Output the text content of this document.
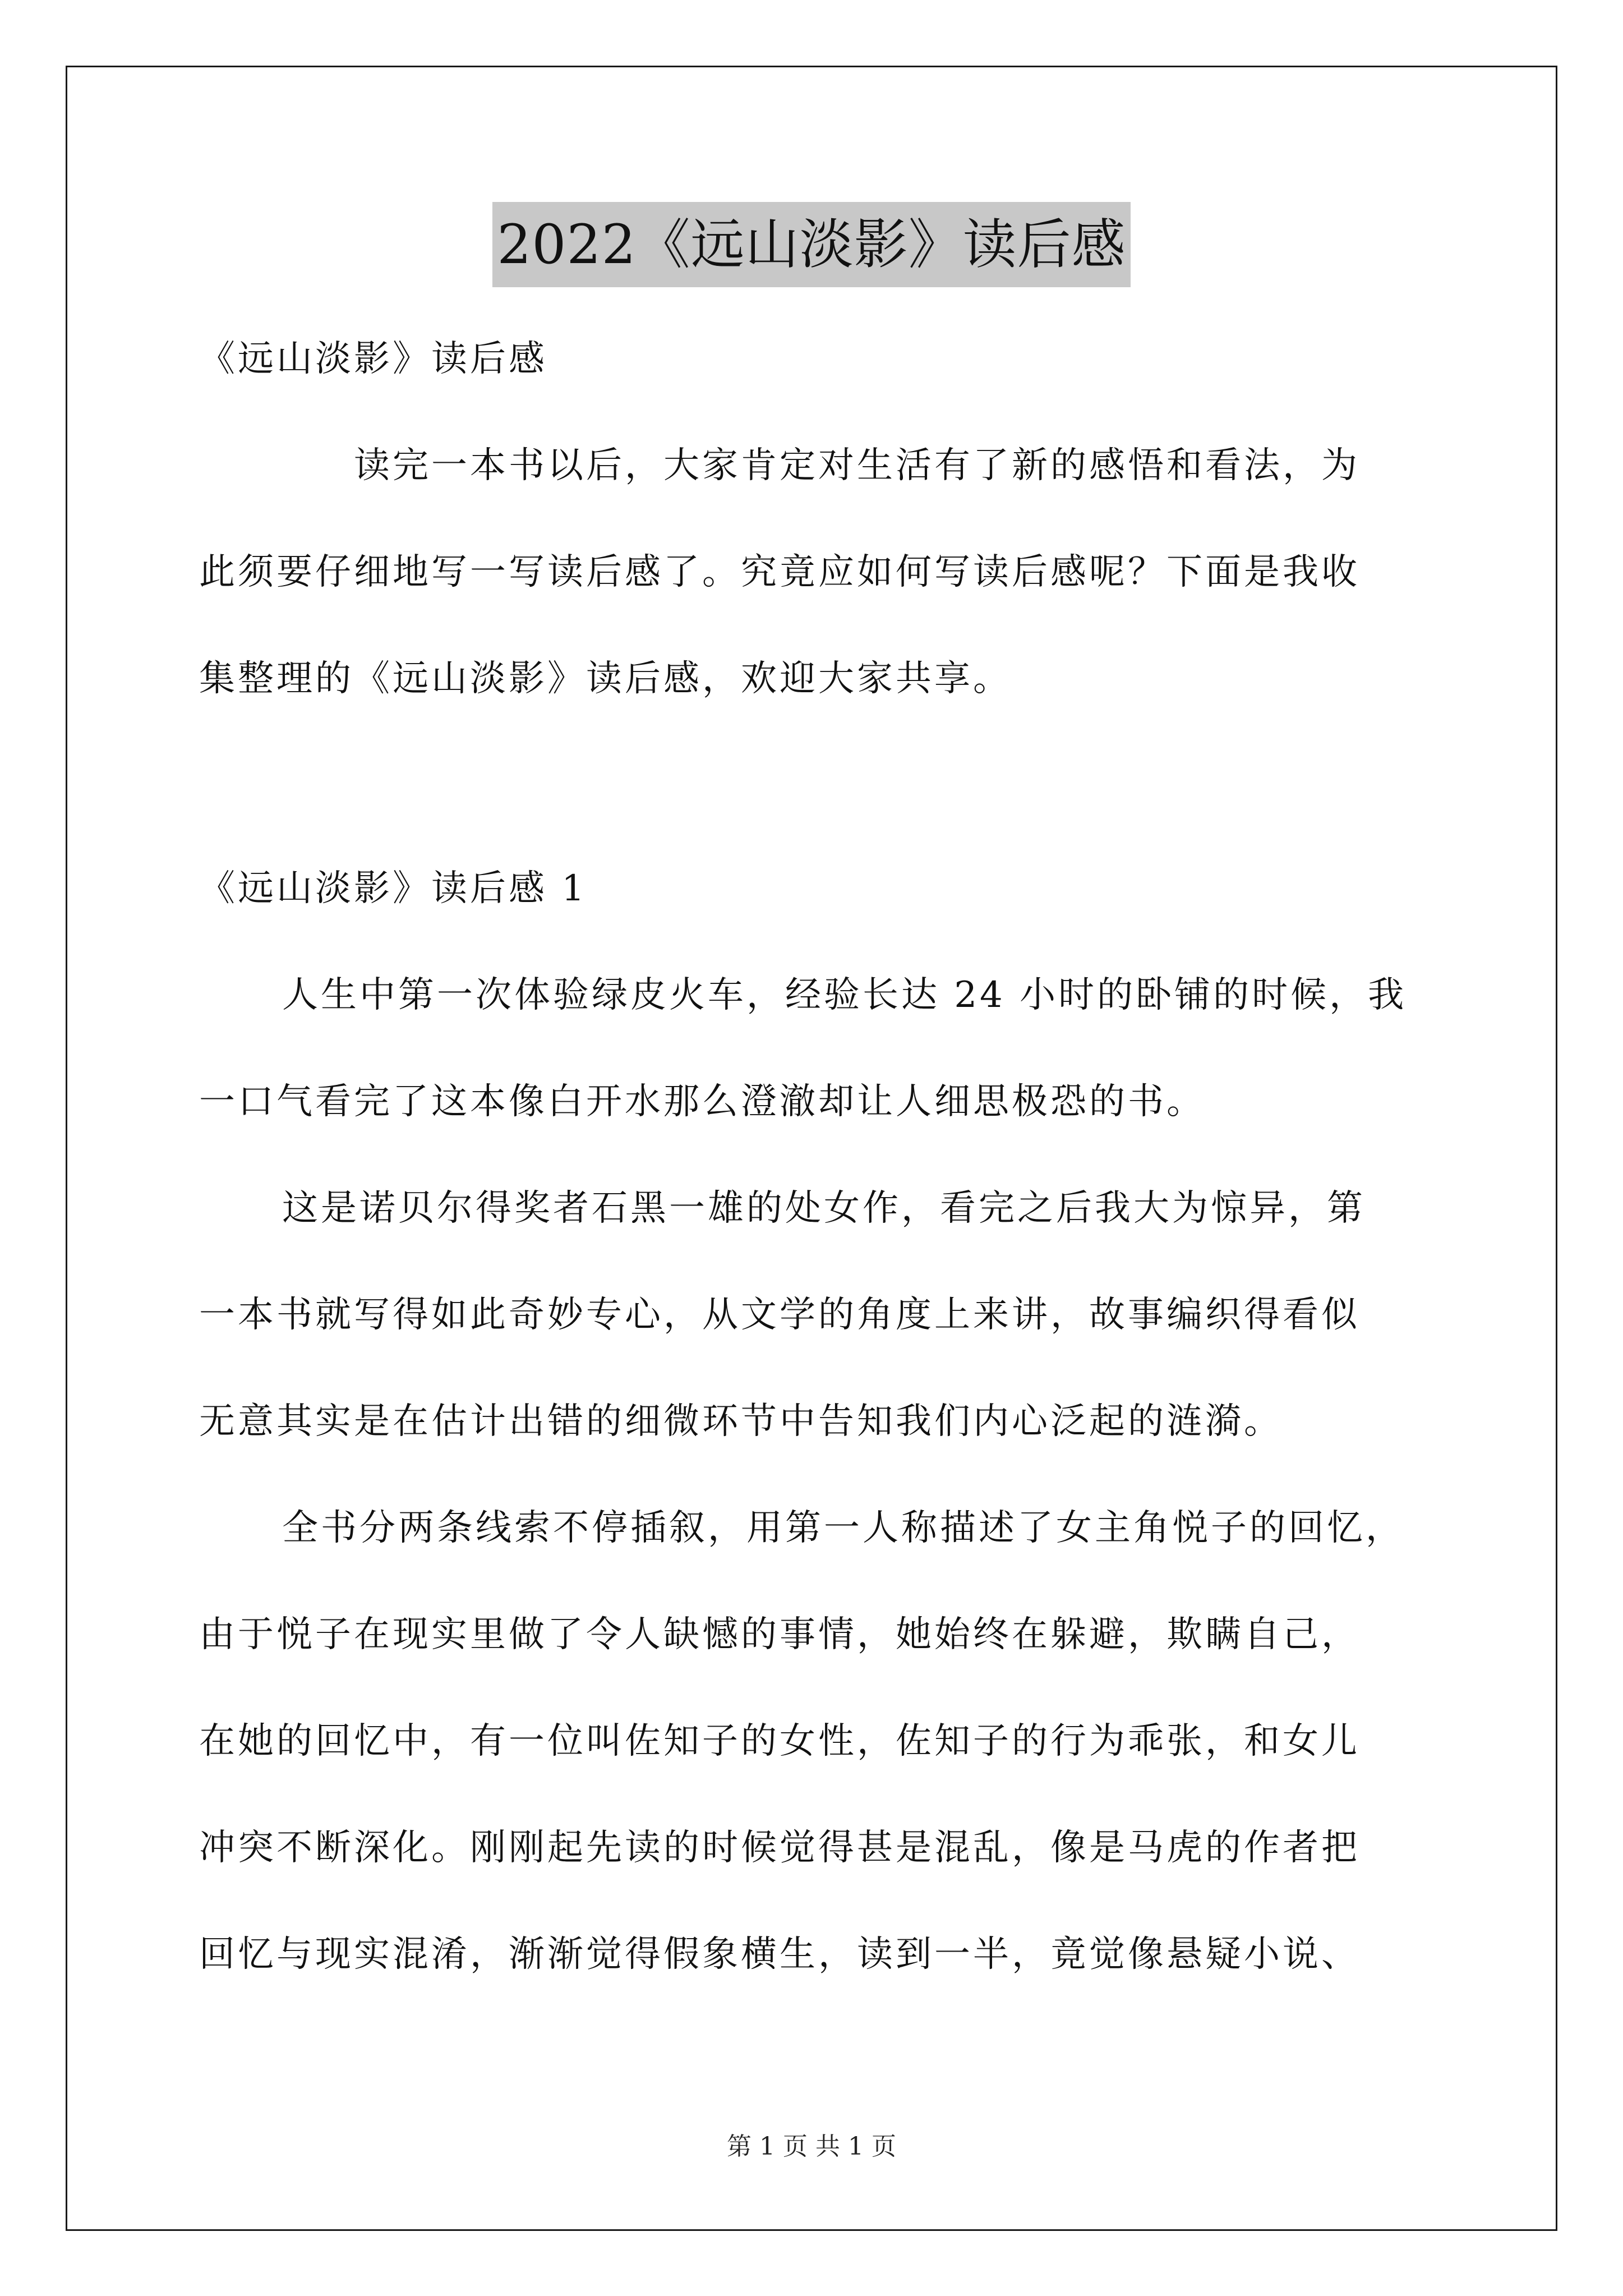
2022《远山淡影》读后感
《远山淡影》读后感
读完一本书以后，大家肯定对生活有了新的感悟和看法，为
此须要仔细地写一写读后感了。究竟应如何写读后感呢？下面是我收
集整理的《远山淡影》读后感，欢迎大家共享。
《远山淡影》读后感 1
人生中第一次体验绿皮火车，经验长达 24 小时的卧铺的时候，我
一口气看完了这本像白开水那么澄澈却让人细思极恐的书。
这是诺贝尔得奖者石黑一雄的处女作，看完之后我大为惊异，第
一本书就写得如此奇妙专心，从文学的角度上来讲，故事编织得看似
无意其实是在估计出错的细微环节中告知我们内心泛起的涟漪。
全书分两条线索不停插叙，用第一人称描述了女主角悦子的回忆，
由于悦子在现实里做了令人缺憾的事情，她始终在躲避，欺瞒自己，
在她的回忆中，有一位叫佐知子的女性，佐知子的行为乖张，和女儿
冲突不断深化。刚刚起先读的时候觉得甚是混乱，像是马虎的作者把
回忆与现实混淆，渐渐觉得假象横生，读到一半，竟觉像悬疑小说、
第 1 页 共 1 页
